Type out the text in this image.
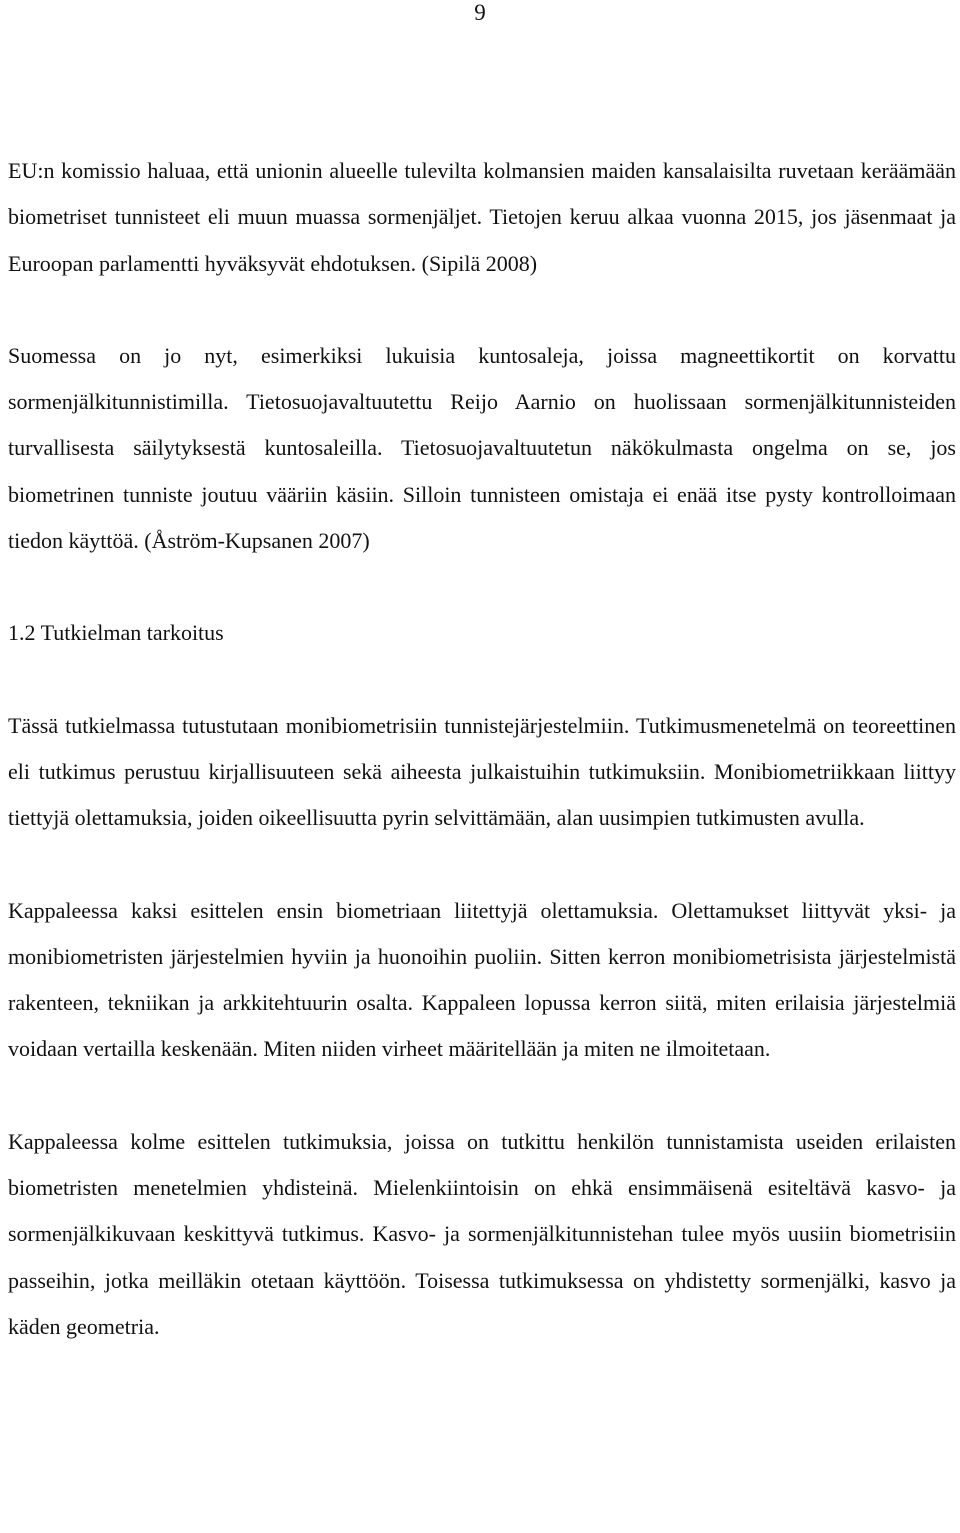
9

EU:n komissio haluaa, että unionin alueelle tulevilta kolmansien maiden kansalaisilta ruvetaan keräämään biometriset tunnisteet eli muun muassa sormenjäljet. Tietojen keruu alkaa vuonna 2015, jos jäsenmaat ja Euroopan parlamentti hyväksyvät ehdotuksen. (Sipilä 2008)

Suomessa on jo nyt, esimerkiksi lukuisia kuntosaleja, joissa magneettikortit on korvattu sormenjälkitunnistimilla. Tietosuojavaltuutettu Reijo Aarnio on huolissaan sormenjälkitunnisteiden turvallisesta säilytyksestä kuntosaleilla. Tietosuojavaltuutetun näkökulmasta ongelma on se, jos biometrinen tunniste joutuu vääriin käsiin. Silloin tunnisteen omistaja ei enää itse pysty kontrolloimaan tiedon käyttöä. (Åström-Kupsanen 2007)

1.2 Tutkielman tarkoitus

Tässä tutkielmassa tutustutaan monibiometrisiin tunnistejärjestelmiin. Tutkimusmenetelmä on teoreettinen eli tutkimus perustuu kirjallisuuteen sekä aiheesta julkaistuihin tutkimuksiin. Monibiometriikkaan liittyy tiettyjä olettamuksia, joiden oikeellisuutta pyrin selvittämään, alan uusimpien tutkimusten avulla.

Kappaleessa kaksi esittelen ensin biometriaan liitettyjä olettamuksia. Olettamukset liittyvät yksi- ja monibiometristen järjestelmien hyviin ja huonoihin puoliin. Sitten kerron monibiometrisista järjestelmistä rakenteen, tekniikan ja arkkitehtuurin osalta. Kappaleen lopussa kerron siitä, miten erilaisia järjestelmiä voidaan vertailla keskenään. Miten niiden virheet määritellään ja miten ne ilmoitetaan.

Kappaleessa kolme esittelen tutkimuksia, joissa on tutkittu henkilön tunnistamista useiden erilaisten biometristen menetelmien yhdisteinä. Mielenkiintoisin on ehkä ensimmäisenä esiteltävä kasvo- ja sormenjälkikuvaan keskittyvä tutkimus. Kasvo- ja sormenjälkitunnistehan tulee myös uusiin biometrisiin passeihin, jotka meilläkin otetaan käyttöön. Toisessa tutkimuksessa on yhdistetty sormenjälki, kasvo ja käden geometria.
